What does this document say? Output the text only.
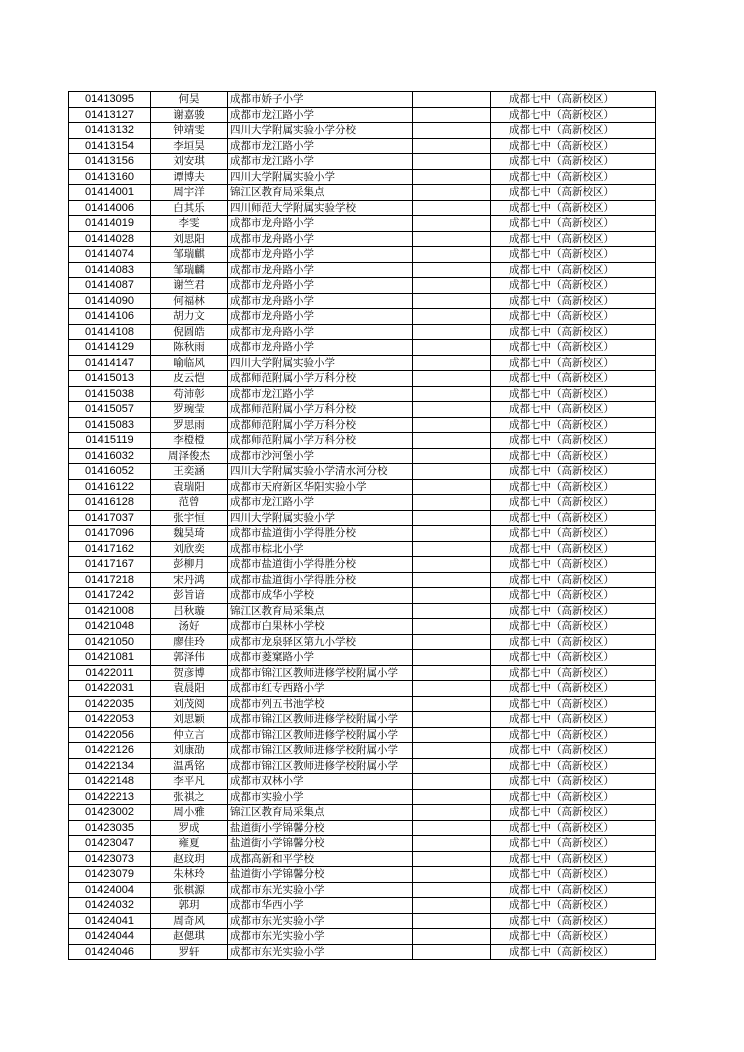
01413095	何昊	成都市娇子小学		成都七中（高新校区）
01413127	谢嘉骏	成都市龙江路小学		成都七中（高新校区）
01413132	钟靖雯	四川大学附属实验小学分校		成都七中（高新校区）
01413154	李垣昊	成都市龙江路小学		成都七中（高新校区）
01413156	刘安琪	成都市龙江路小学		成都七中（高新校区）
01413160	谭博夫	四川大学附属实验小学		成都七中（高新校区）
01414001	周宇洋	锦江区教育局采集点		成都七中（高新校区）
01414006	白其乐	四川师范大学附属实验学校		成都七中（高新校区）
01414019	李雯	成都市龙舟路小学		成都七中（高新校区）
01414028	刘思阳	成都市龙舟路小学		成都七中（高新校区）
01414074	邹瑞麒	成都市龙舟路小学		成都七中（高新校区）
01414083	邹瑞麟	成都市龙舟路小学		成都七中（高新校区）
01414087	谢竺君	成都市龙舟路小学		成都七中（高新校区）
01414090	何福林	成都市龙舟路小学		成都七中（高新校区）
01414106	胡力文	成都市龙舟路小学		成都七中（高新校区）
01414108	倪圆皓	成都市龙舟路小学		成都七中（高新校区）
01414129	陈秋雨	成都市龙舟路小学		成都七中（高新校区）
01414147	喻临风	四川大学附属实验小学		成都七中（高新校区）
01415013	皮云恺	成都师范附属小学万科分校		成都七中（高新校区）
01415038	苟沛彰	成都市龙江路小学		成都七中（高新校区）
01415057	罗琬莹	成都师范附属小学万科分校		成都七中（高新校区）
01415083	罗思雨	成都师范附属小学万科分校		成都七中（高新校区）
01415119	李橙橙	成都师范附属小学万科分校		成都七中（高新校区）
01416032	周泽俊杰	成都市沙河堡小学		成都七中（高新校区）
01416052	王奕涵	四川大学附属实验小学清水河分校		成都七中（高新校区）
01416122	袁瑞阳	成都市天府新区华阳实验小学		成都七中（高新校区）
01416128	范曾	成都市龙江路小学		成都七中（高新校区）
01417037	张宇恒	四川大学附属实验小学		成都七中（高新校区）
01417096	魏昊琦	成都市盐道街小学得胜分校		成都七中（高新校区）
01417162	刘欣奕	成都市棕北小学		成都七中（高新校区）
01417167	彭柳月	成都市盐道街小学得胜分校		成都七中（高新校区）
01417218	宋丹鸿	成都市盐道街小学得胜分校		成都七中（高新校区）
01417242	彭旨谙	成都市成华小学校		成都七中（高新校区）
01421008	吕秋璇	锦江区教育局采集点		成都七中（高新校区）
01421048	汤好	成都市白果林小学校		成都七中（高新校区）
01421050	廖佳玲	成都市龙泉驿区第九小学校		成都七中（高新校区）
01421081	郭泽伟	成都市菱窠路小学		成都七中（高新校区）
01422011	贺彦博	成都市锦江区教师进修学校附属小学		成都七中（高新校区）
01422031	袁晨阳	成都市红专西路小学		成都七中（高新校区）
01422035	刘茂阅	成都市列五书池学校		成都七中（高新校区）
01422053	刘思颖	成都市锦江区教师进修学校附属小学		成都七中（高新校区）
01422056	仲立言	成都市锦江区教师进修学校附属小学		成都七中（高新校区）
01422126	刘康劭	成都市锦江区教师进修学校附属小学		成都七中（高新校区）
01422134	温禹铭	成都市锦江区教师进修学校附属小学		成都七中（高新校区）
01422148	李平凡	成都市双林小学		成都七中（高新校区）
01422213	张祺之	成都市实验小学		成都七中（高新校区）
01423002	周小雅	锦江区教育局采集点		成都七中（高新校区）
01423035	罗成	盐道街小学锦馨分校		成都七中（高新校区）
01423047	雍夏	盐道街小学锦馨分校		成都七中（高新校区）
01423073	赵玟玥	成都高新和平学校		成都七中（高新校区）
01423079	朱林玲	盐道街小学锦馨分校		成都七中（高新校区）
01424004	张棋源	成都市东光实验小学		成都七中（高新校区）
01424032	郭玥	成都市华西小学		成都七中（高新校区）
01424041	周奇风	成都市东光实验小学		成都七中（高新校区）
01424044	赵偲琪	成都市东光实验小学		成都七中（高新校区）
01424046	罗轩	成都市东光实验小学		成都七中（高新校区）
